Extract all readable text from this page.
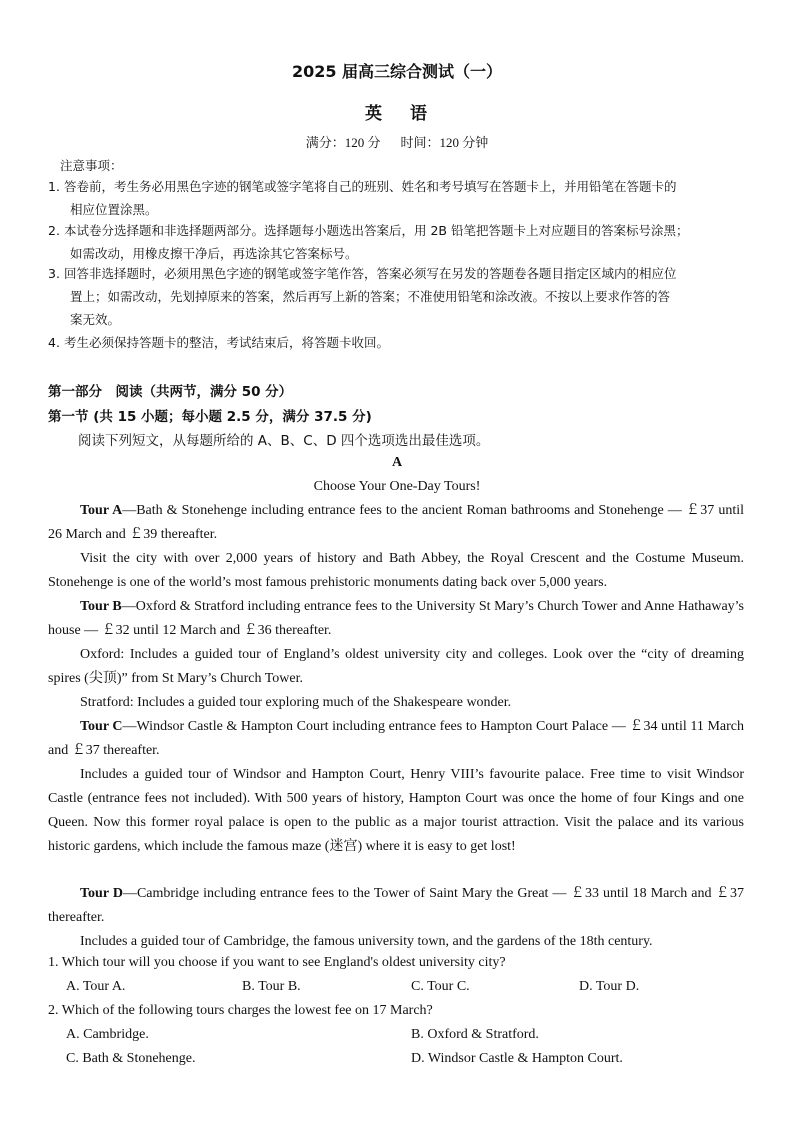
2025 届高三综合测试（一）
英 语
满分：120 分 时间：120 分钟
注意事项：
1. 答卷前，考生务必用黑色字迹的钢笔或签字笔将自己的班别、姓名和考号填写在答题卡上，并用铅笔在答题卡的
相应位置涂黑。
2. 本试卷分选择题和非选择题两部分。选择题每小题选出答案后，用 2B 铅笔把答题卡上对应题目的答案标号涂黑；
如需改动，用橡皮擦干净后，再选涂其它答案标号。
3. 回答非选择题时，必须用黑色字迹的钢笔或签字笔作答，答案必须写在另发的答题卷各题目指定区域内的相应位
置上；如需改动，先划掉原来的答案，然后再写上新的答案；不准使用铅笔和涂改液。不按以上要求作答的答
案无效。
4. 考生必须保持答题卡的整洁，考试结束后，将答题卡收回。
第一部分　阅读（共两节，满分 50 分）
第一节 (共 15 小题；每小题 2.5 分，满分 37.5 分)
阅读下列短文，从每题所给的 A、B、C、D 四个选项选出最佳选项。
A
Choose Your One-Day Tours!
Tour A—Bath & Stonehenge including entrance fees to the ancient Roman bathrooms and Stonehenge — ￡37 until 26 March and ￡39 thereafter.
Visit the city with over 2,000 years of history and Bath Abbey, the Royal Crescent and the Costume Museum. Stonehenge is one of the world’s most famous prehistoric monuments dating back over 5,000 years.
Tour B—Oxford & Stratford including entrance fees to the University St Mary’s Church Tower and Anne Hathaway’s house — ￡32 until 12 March and ￡36 thereafter.
Oxford: Includes a guided tour of England’s oldest university city and colleges. Look over the “city of dreaming spires (尖顶)” from St Mary’s Church Tower.
Stratford: Includes a guided tour exploring much of the Shakespeare wonder.
Tour C—Windsor Castle & Hampton Court including entrance fees to Hampton Court Palace — ￡34 until 11 March and ￡37 thereafter.
Includes a guided tour of Windsor and Hampton Court, Henry VIII’s favourite palace. Free time to visit Windsor Castle (entrance fees not included). With 500 years of history, Hampton Court was once the home of four Kings and one Queen. Now this former royal palace is open to the public as a major tourist attraction. Visit the palace and its various historic gardens, which include the famous maze (迷宫) where it is easy to get lost!
Tour D—Cambridge including entrance fees to the Tower of Saint Mary the Great — ￡33 until 18 March and ￡37 thereafter.
Includes a guided tour of Cambridge, the famous university town, and the gardens of the 18th century.
1. Which tour will you choose if you want to see England's oldest university city?
A. Tour A.	B. Tour B.	C. Tour C.	D. Tour D.
2. Which of the following tours charges the lowest fee on 17 March?
A. Cambridge.	B. Oxford & Stratford.
C. Bath & Stonehenge.	D. Windsor Castle & Hampton Court.
